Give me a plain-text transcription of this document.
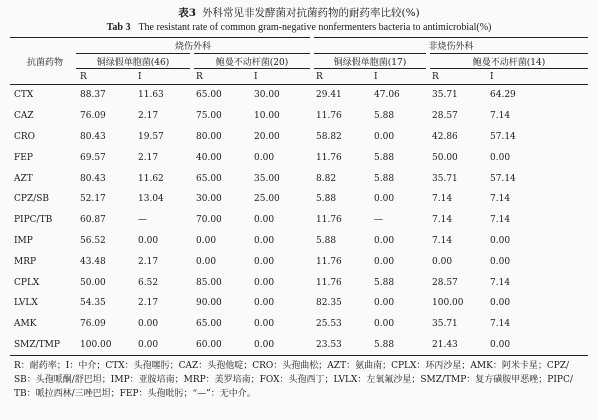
表3 外科常见非发酵菌对抗菌药物的耐药率比较(%)
Tab 3 The resistant rate of common gram-negative nonfermenters bacteria to antimicrobial(%)
抗菌药物	烧伤外科				非烧伤外科				
	铜绿假单胞菌(46)		鲍曼不动杆菌(20)		铜绿假单胞菌(17)		鲍曼不动杆菌(14)		
	R	I	R	I	R	I	R	I	
CTX	88.37	11.63	65.00	30.00	29.41	47.06	35.71	64.29	
CAZ	76.09	2.17	75.00	10.00	11.76	5.88	28.57	7.14	
CRO	80.43	19.57	80.00	20.00	58.82	0.00	42.86	57.14	
FEP	69.57	2.17	40.00	0.00	11.76	5.88	50.00	0.00	
AZT	80.43	11.62	65.00	35.00	8.82	5.88	35.71	57.14	
CPZ/SB	52.17	13.04	30.00	25.00	5.88	0.00	7.14	7.14	
PIPC/TB	60.87	—	70.00	0.00	11.76	—	7.14	7.14	
IMP	56.52	0.00	0.00	0.00	5.88	0.00	7.14	0.00	
MRP	43.48	2.17	0.00	0.00	11.76	0.00	0.00	0.00	
CPLX	50.00	6.52	85.00	0.00	11.76	5.88	28.57	7.14	
LVLX	54.35	2.17	90.00	0.00	82.35	0.00	100.00	0.00	
AMK	76.09	0.00	65.00	0.00	25.53	0.00	35.71	7.14	
SMZ/TMP	100.00	0.00	60.00	0.00	23.53	5.88	21.43	0.00	
R：耐药率；I：中介；CTX：头孢噻肟；CAZ：头孢他啶；CRO：头孢曲松；AZT：氨曲南；CPLX：环丙沙星；AMK：阿米卡星；CPZ/
SB：头孢哌酮/舒巴坦；IMP：亚胺培南；MRP：美罗培南；FOX：头孢西丁；LVLX：左氧氟沙星；SMZ/TMP：复方磺胺甲恶唑；PIPC/
TB：哌拉西林/三唑巴坦；FEP：头孢吡肟；“—”：无中介。
